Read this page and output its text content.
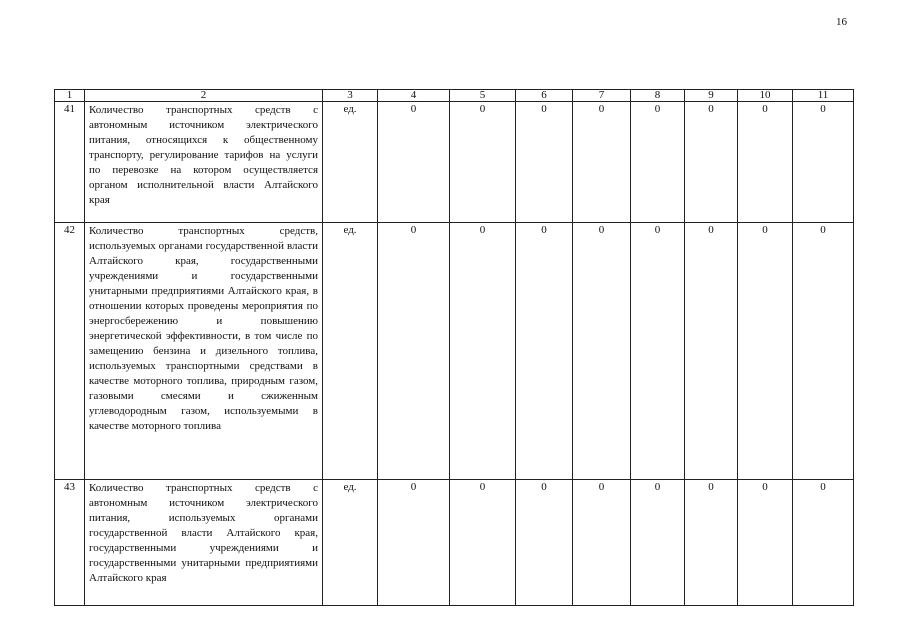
16
1	2	3	4	5	6	7	8	9	10	11
41	Количество транспортных средств с автономным источником электрического питания, относящихся к общественному транспорту, регулирование тарифов на услуги по перевозке на котором осуществляется органом исполнительной власти Алтайского края	ед.	0	0	0	0	0	0	0	0
42	Количество транспортных средств, используемых органами государственной власти Алтайского края, государственными учреждениями и государственными унитарными предприятиями Алтайского края, в отношении которых проведены мероприятия по энергосбережению и повышению энергетической эффективности, в том числе по замещению бензина и дизельного топлива, используемых транспортными средствами в качестве моторного топлива, природным газом, газовыми смесями и сжиженным углеводородным газом, используемыми в качестве моторного топлива	ед.	0	0	0	0	0	0	0	0
43	Количество транспортных средств с автономным источником электрического питания, используемых органами государственной власти Алтайского края, государственными учреждениями и государственными унитарными предприятиями Алтайского края	ед.	0	0	0	0	0	0	0	0
